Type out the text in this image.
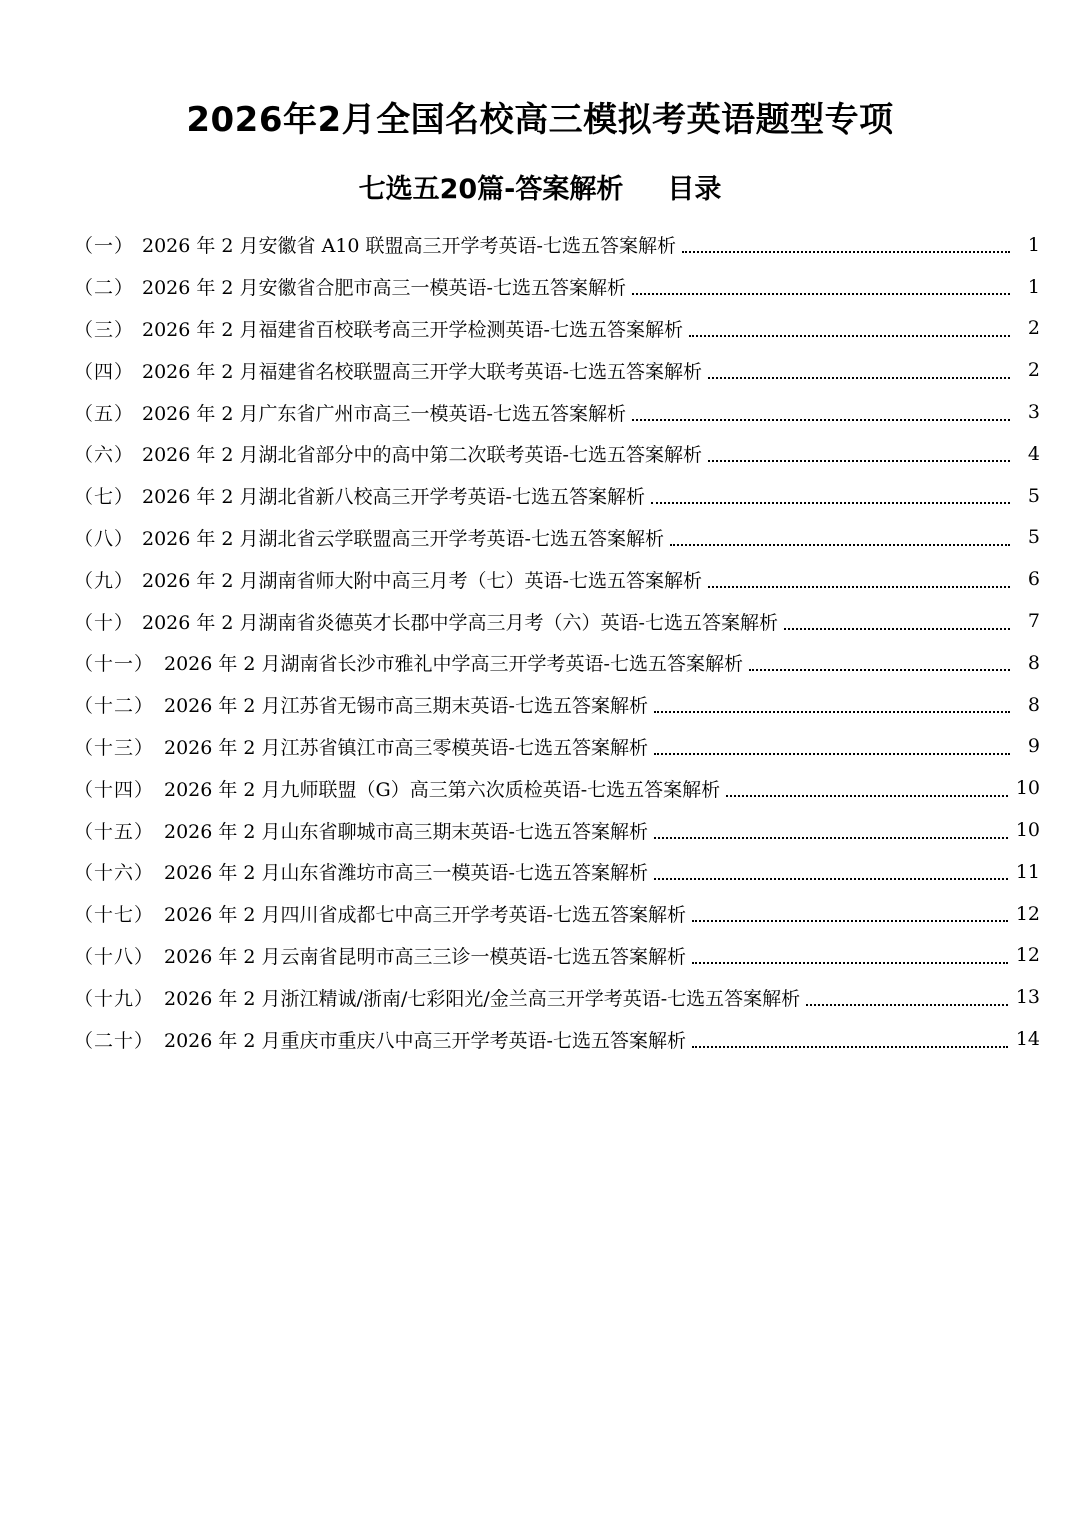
2026年2月全国名校高三模拟考英语题型专项
七选五20篇-答案解析 目录
（一） 2026 年 2 月安徽省 A10 联盟高三开学考英语-七选五答案解析	1
（二） 2026 年 2 月安徽省合肥市高三一模英语-七选五答案解析	1
（三） 2026 年 2 月福建省百校联考高三开学检测英语-七选五答案解析	2
（四） 2026 年 2 月福建省名校联盟高三开学大联考英语-七选五答案解析	2
（五） 2026 年 2 月广东省广州市高三一模英语-七选五答案解析	3
（六） 2026 年 2 月湖北省部分中的高中第二次联考英语-七选五答案解析	4
（七） 2026 年 2 月湖北省新八校高三开学考英语-七选五答案解析	5
（八） 2026 年 2 月湖北省云学联盟高三开学考英语-七选五答案解析	5
（九） 2026 年 2 月湖南省师大附中高三月考（七）英语-七选五答案解析	6
（十） 2026 年 2 月湖南省炎德英才长郡中学高三月考（六）英语-七选五答案解析	7
（十一） 2026 年 2 月湖南省长沙市雅礼中学高三开学考英语-七选五答案解析	8
（十二） 2026 年 2 月江苏省无锡市高三期末英语-七选五答案解析	8
（十三） 2026 年 2 月江苏省镇江市高三零模英语-七选五答案解析	9
（十四） 2026 年 2 月九师联盟（G）高三第六次质检英语-七选五答案解析	10
（十五） 2026 年 2 月山东省聊城市高三期末英语-七选五答案解析	10
（十六） 2026 年 2 月山东省潍坊市高三一模英语-七选五答案解析	11
（十七） 2026 年 2 月四川省成都七中高三开学考英语-七选五答案解析	12
（十八） 2026 年 2 月云南省昆明市高三三诊一模英语-七选五答案解析	12
（十九） 2026 年 2 月浙江精诚/浙南/七彩阳光/金兰高三开学考英语-七选五答案解析	13
（二十） 2026 年 2 月重庆市重庆八中高三开学考英语-七选五答案解析	14
